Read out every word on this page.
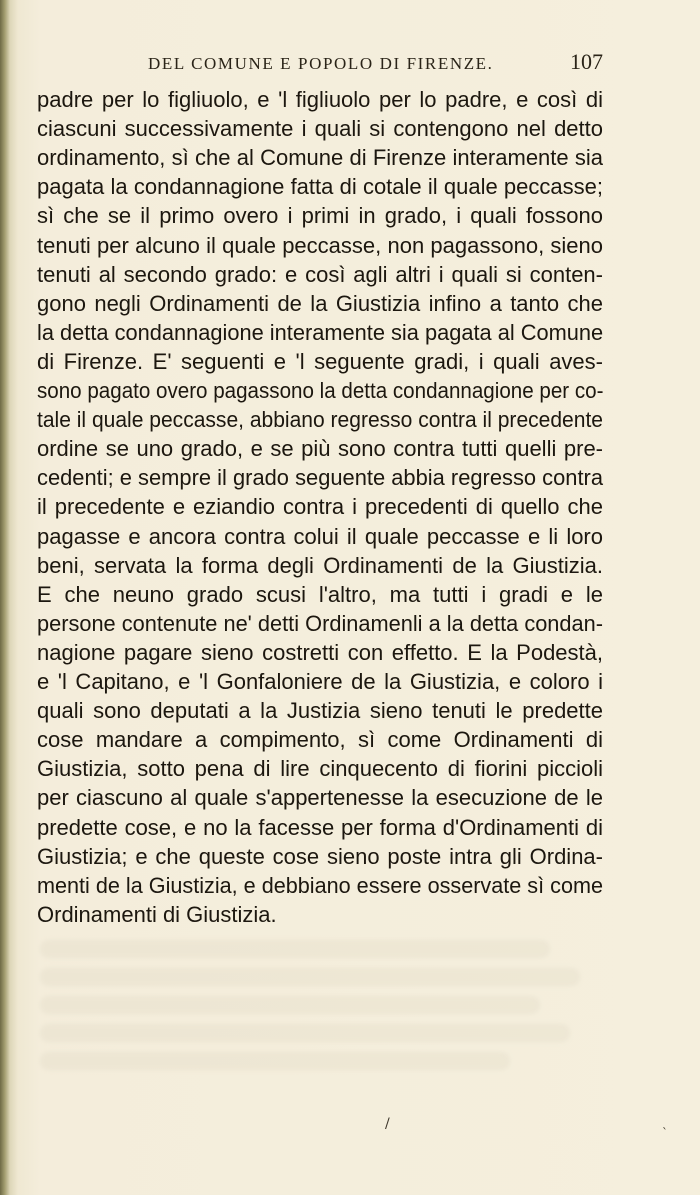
DEL COMUNE E POPOLO DI FIRENZE.	107
padre per lo figliuolo, e 'l figliuolo per lo padre, e così di
ciascuni successivamente i quali si contengono nel detto
ordinamento, sì che al Comune di Firenze interamente sia
pagata la condannagione fatta di cotale il quale peccasse;
sì che se il primo overo i primi in grado, i quali fossono
tenuti per alcuno il quale peccasse, non pagassono, sieno
tenuti al secondo grado: e così agli altri i quali si conten-
gono negli Ordinamenti de la Giustizia infino a tanto che
la detta condannagione interamente sia pagata al Comune
di Firenze. E' seguenti e 'l seguente gradi, i quali aves-
sono pagato overo pagassono la detta condannagione per co-
tale il quale peccasse, abbiano regresso contra il precedente
ordine se uno grado, e se più sono contra tutti quelli pre-
cedenti; e sempre il grado seguente abbia regresso contra
il precedente e eziandio contra i precedenti di quello che
pagasse e ancora contra colui il quale peccasse e li loro
beni, servata la forma degli Ordinamenti de la Giustizia.
E che neuno grado scusi l'altro, ma tutti i gradi e le
persone contenute ne' detti Ordinamenli a la detta condan-
nagione pagare sieno costretti con effetto. E la Podestà,
e 'l Capitano, e 'l Gonfaloniere de la Giustizia, e coloro i
quali sono deputati a la Justizia sieno tenuti le predette
cose mandare a compimento, sì come Ordinamenti di
Giustizia, sotto pena di lire cinquecento di fiorini piccioli
per ciascuno al quale s'appertenesse la esecuzione de le
predette cose, e no la facesse per forma d'Ordinamenti di
Giustizia; e che queste cose sieno poste intra gli Ordina-
menti de la Giustizia, e debbiano essere osservate sì come
Ordinamenti di Giustizia.
/
`
